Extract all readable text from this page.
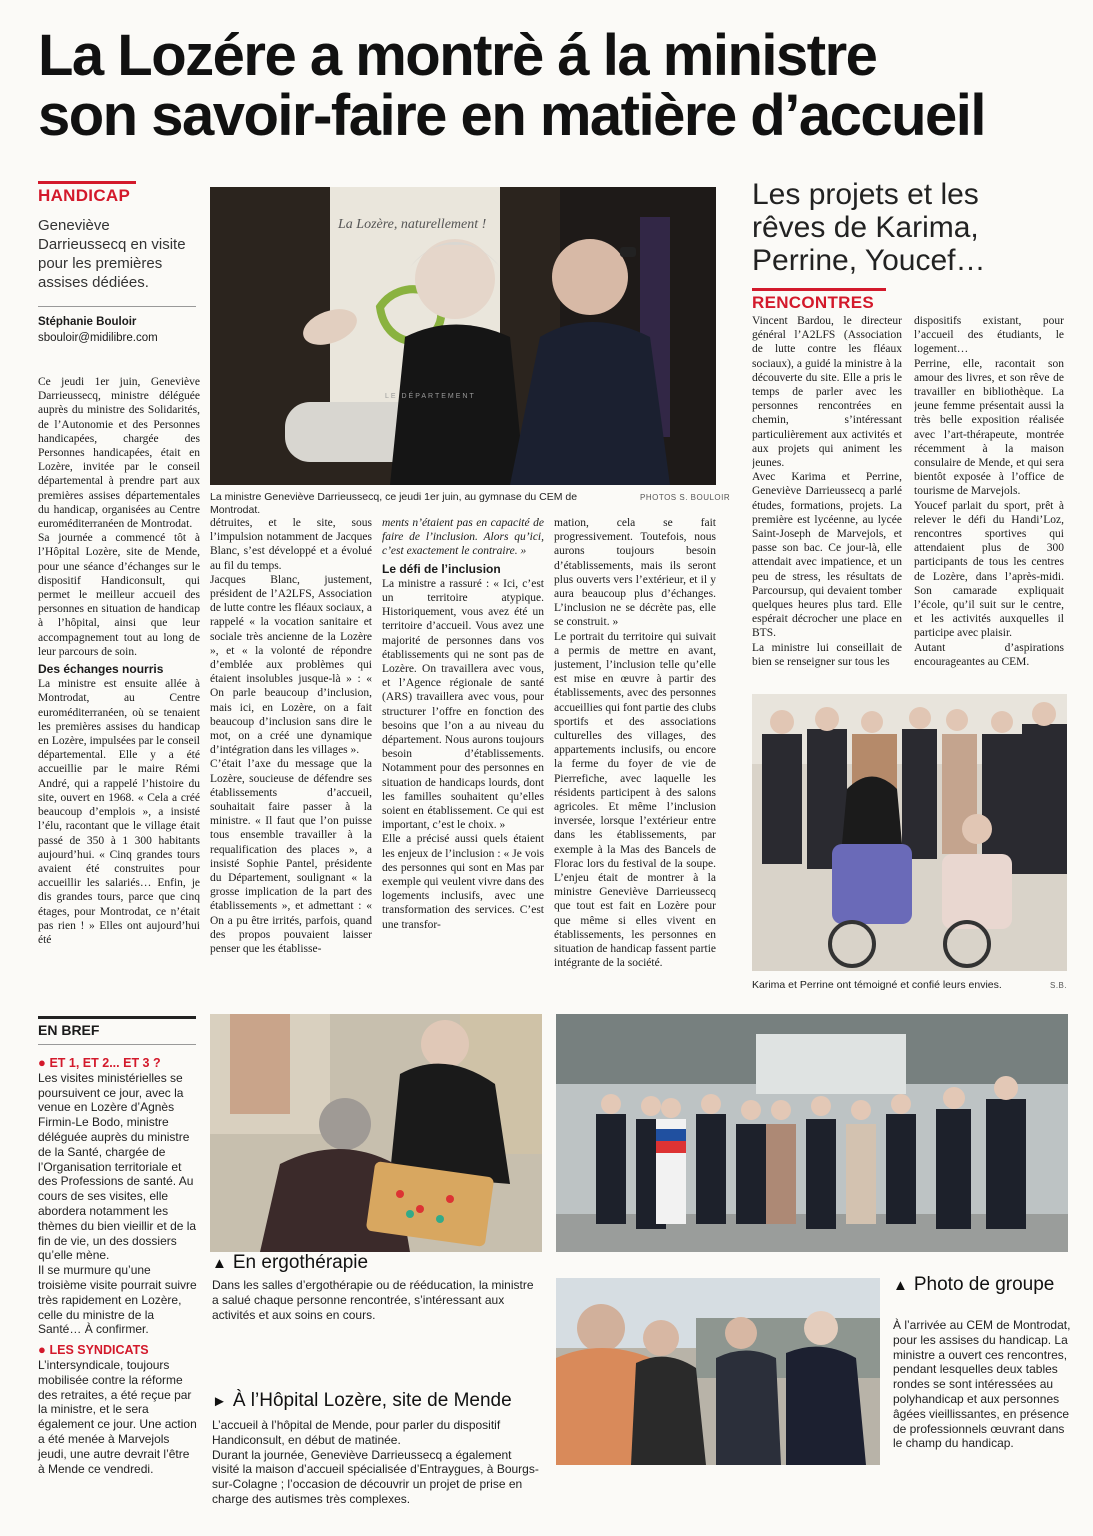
La Lozére a montrè á la ministre
son savoir-faire en matière d’accueil
HANDICAP
Geneviève Darrieussecq en visite pour les premières assises dédiées.
Stéphanie Bouloir
sbouloir@midilibre.com
La Lozère, naturellement !
LE DÉPARTEMENT
La ministre Geneviève Darrieussecq, ce jeudi 1er juin, au gymnase du CEM de Montrodat.
PHOTOS S. BOULOIR

Ce jeudi 1er juin, Geneviève Darrieussecq, ministre déléguée auprès du ministre des Solidarités, de l’Autonomie et des Personnes handicapées, chargée des Personnes handicapées, était en Lozère, invitée par le conseil départemental à prendre part aux premières assises départementales du handicap, organisées au Centre euroméditerranéen de Montrodat.
Sa journée a commencé tôt à l’Hôpital Lozère, site de Mende, pour une séance d’échanges sur le dispositif Handiconsult, qui permet le meilleur accueil des personnes en situation de handicap à l’hôpital, ainsi que leur accompagnement tout au long de leur parcours de soin.

Des échanges nourris

La ministre est ensuite allée à Montrodat, au Centre euroméditerranéen, où se tenaient les premières assises du handicap en Lozère, impulsées par le conseil départemental. Elle y a été accueillie par le maire Rémi André, qui a rappelé l’histoire du site, ouvert en 1968. « Cela a créé beaucoup d’emplois », a insisté l’élu, racontant que le village était passé de 350 à 1 300 habitants aujourd’hui. « Cinq grandes tours avaient été construites pour accueillir les salariés… Enfin, je dis grandes tours, parce que cinq étages, pour Montrodat, ce n’était pas rien ! » Elles ont aujourd’hui été

détruites, et le site, sous l’impulsion notamment de Jacques Blanc, s’est développé et a évolué au fil du temps.
Jacques Blanc, justement, président de l’A2LFS, Association de lutte contre les fléaux sociaux, a rappelé « la vocation sanitaire et sociale très ancienne de la Lozère », et « la volonté de répondre d’emblée aux problèmes qui étaient insolubles jusque-là » : « On parle beaucoup d’inclusion, mais ici, en Lozère, on a fait beaucoup d’inclusion sans dire le mot, on a créé une dynamique d’intégration dans les villages ».
C’était l’axe du message que la Lozère, soucieuse de défendre ses établissements d’accueil, souhaitait faire passer à la ministre. « Il faut que l’on puisse tous ensemble travailler à la requalification des places », a insisté Sophie Pantel, présidente du Département, soulignant « la grosse implication de la part des établissements », et admettant : « On a pu être irrités, parfois, quand des propos pouvaient laisser penser que les établisse-

ments n’étaient pas en capacité de faire de l’inclusion. Alors qu’ici, c’est exactement le contraire. »

Le défi de l’inclusion

La ministre a rassuré : « Ici, c’est un territoire atypique. Historiquement, vous avez été un territoire d’accueil. Vous avez une majorité de personnes dans vos établissements qui ne sont pas de Lozère. On travaillera avec vous, et l’Agence régionale de santé (ARS) travaillera avec vous, pour structurer l’offre en fonction des besoins que l’on a au niveau du département. Nous aurons toujours besoin d’établissements. Notamment pour des personnes en situation de handicaps lourds, dont les familles souhaitent qu’elles soient en établissement. Ce qui est important, c’est le choix. »
Elle a précisé aussi quels étaient les enjeux de l’inclusion : « Je vois des personnes qui sont en Mas par exemple qui veulent vivre dans des logements inclusifs, avec une transformation des services. C’est une transfor-

mation, cela se fait progressivement. Toutefois, nous aurons toujours besoin d’établissements, mais ils seront plus ouverts vers l’extérieur, et il y aura beaucoup plus d’échanges. L’inclusion ne se décrète pas, elle se construit. »
Le portrait du territoire qui suivait a permis de mettre en avant, justement, l’inclusion telle qu’elle est mise en œuvre à partir des établissements, avec des personnes accueillies qui font partie des clubs sportifs et des associations culturelles des villages, des appartements inclusifs, ou encore la ferme du foyer de vie de Pierrefiche, avec laquelle les résidents participent à des salons agricoles. Et même l’inclusion inversée, lorsque l’extérieur entre dans les établissements, par exemple à la Mas des Bancels de Florac lors du festival de la soupe. L’enjeu était de montrer à la ministre Geneviève Darrieussecq que tout est fait en Lozère pour que même si elles vivent en établissements, les personnes en situation de handicap fassent partie intégrante de la société.
Les projets et les rêves de Karima, Perrine, Youcef…
RENCONTRES
Vincent Bardou, le directeur général l’A2LFS (Association de lutte contre les fléaux sociaux), a guidé la ministre à la découverte du site. Elle a pris le temps de parler avec les personnes rencontrées en chemin, s’intéressant particulièrement aux activités et aux projets qui animent les jeunes.
Avec Karima et Perrine, Geneviève Darrieussecq a parlé études, formations, projets. La première est lycéenne, au lycée Saint-Joseph de Marvejols, et passe son bac. Ce jour-là, elle attendait avec impatience, et un peu de stress, les résultats de Parcoursup, qui devaient tomber quelques heures plus tard. Elle espérait décrocher une place en BTS.
La ministre lui conseillait de bien se renseigner sur tous les
dispositifs existant, pour l’accueil des étudiants, le logement…
Perrine, elle, racontait son amour des livres, et son rêve de travailler en bibliothèque. La jeune femme présentait aussi la très belle exposition réalisée avec l’art-thérapeute, montrée récemment à la maison consulaire de Mende, et qui sera bientôt exposée à l’office de tourisme de Marvejols.
Youcef parlait du sport, prêt à relever le défi du Handi’Loz, rencontres sportives qui attendaient plus de 300 participants de tous les centres de Lozère, dans l’après-midi. Son camarade expliquait l’école, qu’il suit sur le centre, et les activités auxquelles il participe avec plaisir.
Autant d’aspirations encourageantes au CEM.
Karima et Perrine ont témoigné et confié leurs envies.	S.B.
EN BREF
● ET 1, ET 2... ET 3 ?
Les visites ministérielles se poursuivent ce jour, avec la venue en Lozère d’Agnès Firmin-Le Bodo, ministre déléguée auprès du ministre de la Santé, chargée de l’Organisation territoriale et des Professions de santé. Au cours de ses visites, elle abordera notamment les thèmes du bien vieillir et de la fin de vie, un des dossiers qu’elle mène.
Il se murmure qu’une troisième visite pourrait suivre très rapidement en Lozère, celle du ministre de la Santé… À confirmer.
● LES SYNDICATS
L’intersyndicale, toujours mobilisée contre la réforme des retraites, a été reçue par la ministre, et le sera également ce jour. Une action a été menée à Marvejols jeudi, une autre devrait l’être à Mende ce vendredi.
▲ En ergothérapie
Dans les salles d’ergothérapie ou de rééducation, la ministre a salué chaque personne rencontrée, s’intéressant aux activités et aux soins en cours.
▲ Photo de groupe
À l’arrivée au CEM de Montrodat, pour les assises du handicap. La ministre a ouvert ces rencontres, pendant lesquelles deux tables rondes se sont intéressées au polyhandicap et aux personnes âgées vieillissantes, en présence de professionnels œuvrant dans le champ du handicap.
► À l’Hôpital Lozère, site de Mende
L’accueil à l’hôpital de Mende, pour parler du dispositif Handiconsult, en début de matinée.
Durant la journée, Geneviève Darrieussecq a également visité la maison d’accueil spécialisée d’Entraygues, à Bourgs-sur-Colagne ; l’occasion de découvrir un projet de prise en charge des autismes très complexes.
